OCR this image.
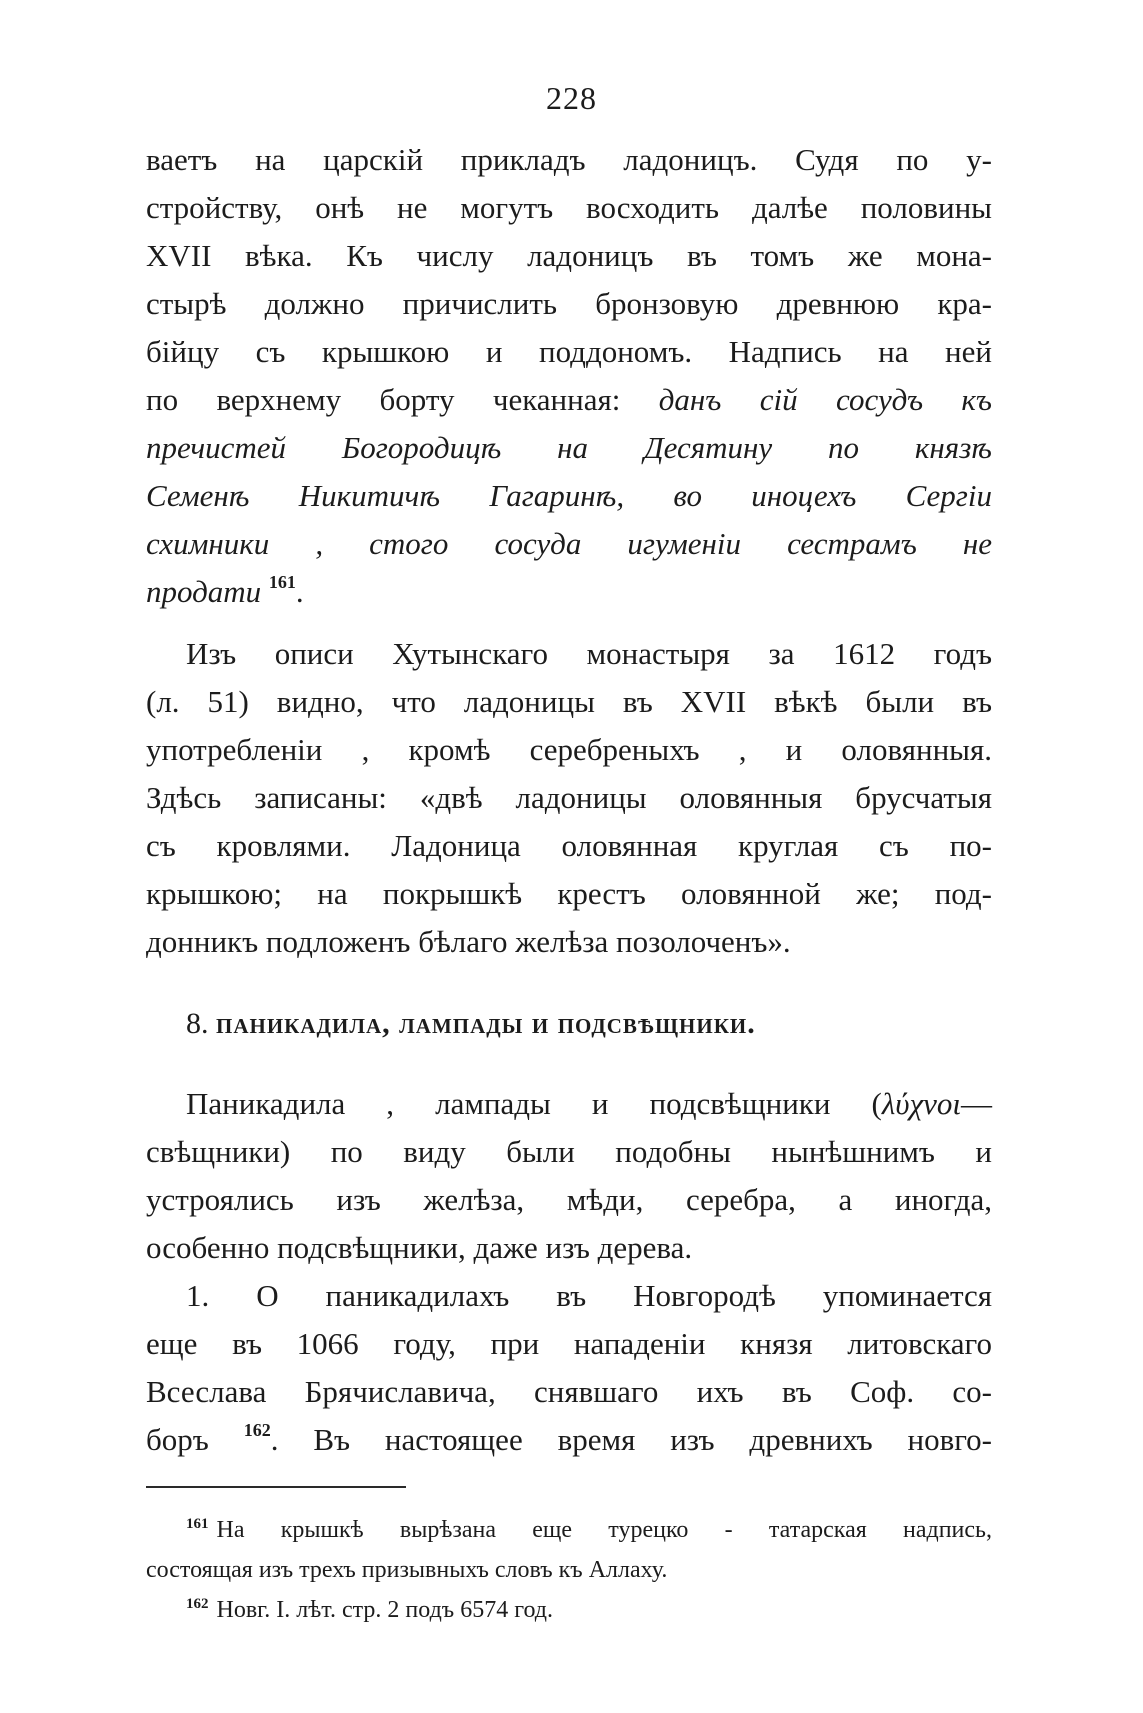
228
ваетъ на царскій прикладъ ладоницъ. Судя по у-
стройству, онѣ не могутъ восходить далѣе половины
XVII вѣка. Къ числу ладоницъ въ томъ же мона-
стырѣ должно причислить бронзовую древнюю кра-
бійцу съ крышкою и поддономъ. Надпись на ней
по верхнему борту чеканная: данъ сій сосудъ къ
пречистей Богородицѣ на Десятину по князѣ
Семенѣ Никитичѣ Гагаринѣ, во иноцехъ Сергіи
схимники , стого сосуда игуменіи сестрамъ не
продати $^{161}$.
Изъ описи Хутынскаго монастыря за 1612 годъ
(л. 51) видно, что ладоницы въ XVII вѣкѣ были въ
употребленіи , кромѣ серебреныхъ , и оловянныя.
Здѣсь записаны: «двѣ ладоницы оловянныя брусчатыя
съ кровлями. Ладоница оловянная круглая съ по-
крышкою; на покрышкѣ крестъ оловянной же; под-
донникъ подложенъ бѣлаго желѣза позолоченъ».
8. паникадила, лампады и подсвѣщники.
Паникадила , лампады и подсвѣщники (λύχνοι—
свѣщники) по виду были подобны нынѣшнимъ и
устроялись изъ желѣза, мѣди, серебра, а иногда,
особенно подсвѣщники, даже изъ дерева.
1. О паникадилахъ въ Новгородѣ упоминается
еще въ 1066 году, при нападеніи князя литовскаго
Всеслава Брячиславича, снявшаго ихъ въ Соф. со-
боръ $^{162}$. Въ настоящее время изъ древнихъ новго-
$^{161}$ На крышкѣ вырѣзана еще турецко - татарская надпись,
состоящая изъ трехъ призывныхъ словъ къ Аллаху.
$^{162}$ Новг. I. лѣт. стр. 2 подъ 6574 год.
